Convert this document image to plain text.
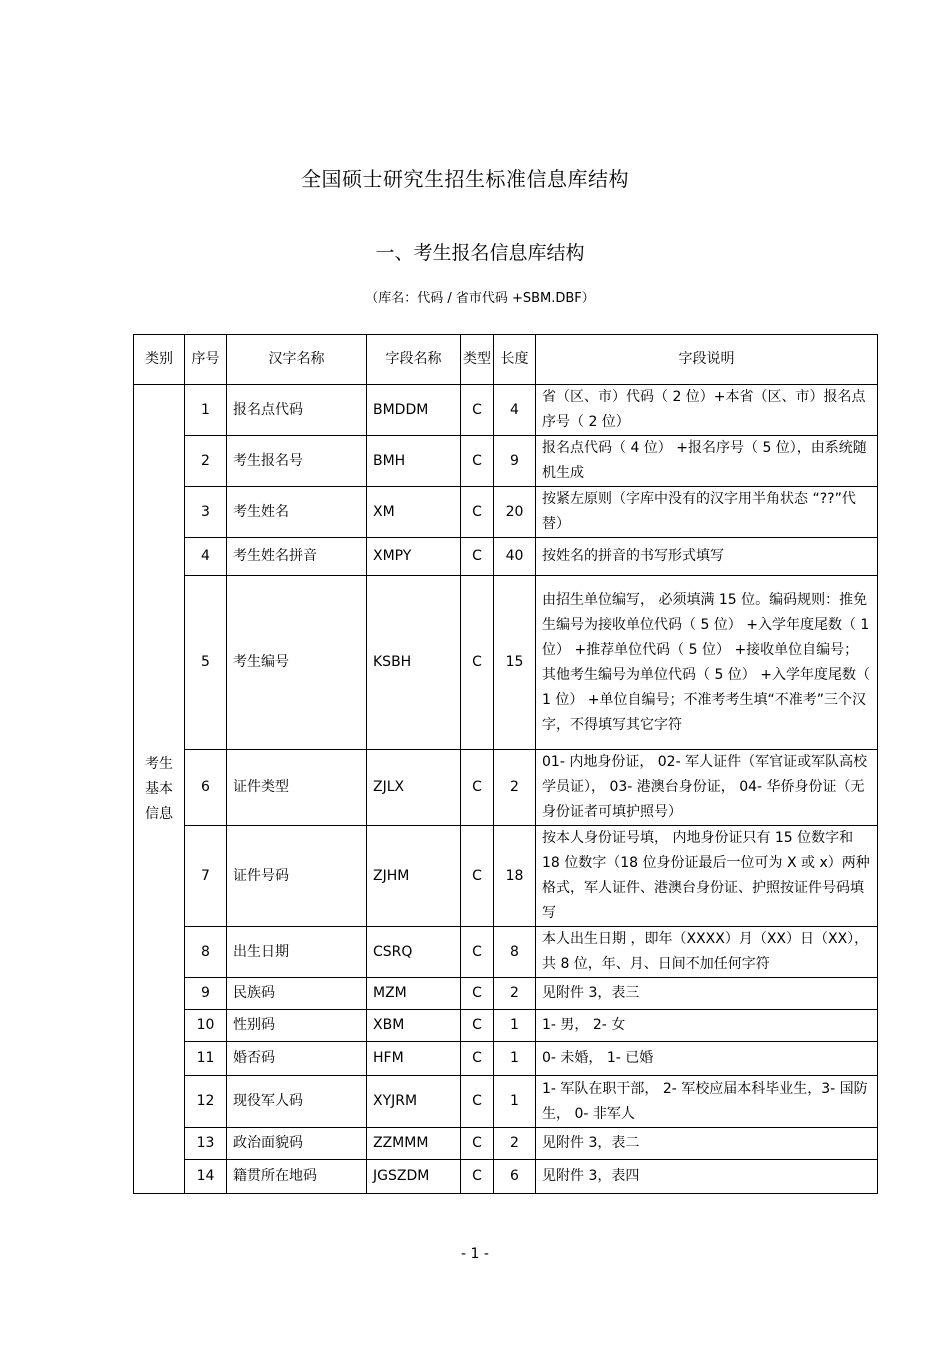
全国硕士研究生招生标准信息库结构
一、考生报名信息库结构
（库名：代码 / 省市代码 +SBM.DBF）
类别	序号	汉字名称	字段名称	类型	长度	字段说明
考生基本信息	1	报名点代码	BMDDM	C	4	省（区、市）代码（ 2 位）+本省（区、市）报名点序号（ 2 位）
	2	考生报名号	BMH	C	9	报名点代码（ 4 位） +报名序号（ 5 位），由系统随机生成
	3	考生姓名	XM	C	20	按紧左原则（字库中没有的汉字用半角状态 “??”代替）
	4	考生姓名拼音	XMPY	C	40	按姓名的拼音的书写形式填写
	5	考生编号	KSBH	C	15	由招生单位编写， 必须填满 15 位。编码规则：推免生编号为接收单位代码（ 5 位） +入学年度尾数（ 1 位） +推荐单位代码（ 5 位） +接收单位自编号；其他考生编号为单位代码（ 5 位） +入学年度尾数（ 1 位） +单位自编号；不准考考生填“不准考”三个汉字，不得填写其它字符
	6	证件类型	ZJLX	C	2	01- 内地身份证， 02- 军人证件（军官证或军队高校学员证）， 03- 港澳台身份证， 04- 华侨身份证（无身份证者可填护照号）
	7	证件号码	ZJHM	C	18	按本人身份证号填， 内地身份证只有 15 位数字和 18 位数字（18 位身份证最后一位可为 X 或 x）两种格式，军人证件、港澳台身份证、护照按证件号码填写
	8	出生日期	CSRQ	C	8	本人出生日期 ，即年（XXXX）月（XX）日（XX），共 8 位，年、月、日间不加任何字符
	9	民族码	MZM	C	2	见附件 3，表三
	10	性别码	XBM	C	1	1- 男， 2- 女
	11	婚否码	HFM	C	1	0- 未婚， 1- 已婚
	12	现役军人码	XYJRM	C	1	1- 军队在职干部， 2- 军校应届本科毕业生，3- 国防生， 0- 非军人
	13	政治面貌码	ZZMMM	C	2	见附件 3，表二
	14	籍贯所在地码	JGSZDM	C	6	见附件 3，表四
- 1 -
